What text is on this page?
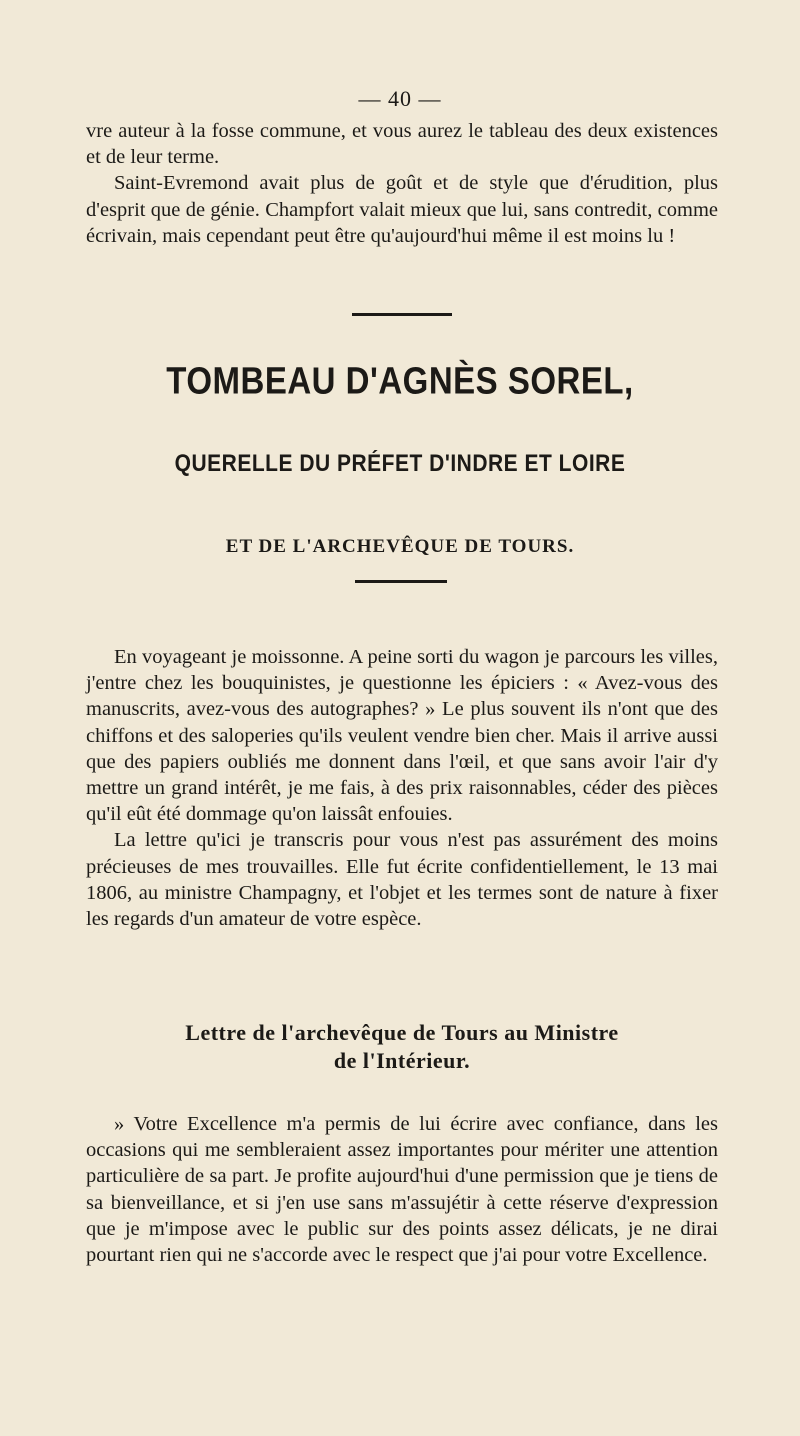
— 40 —

vre auteur à la fosse commune, et vous aurez le tableau des deux existences et de leur terme.

Saint-Evremond avait plus de goût et de style que d'érudition, plus d'esprit que de génie. Champfort valait mieux que lui, sans contredit, comme écrivain, mais cependant peut être qu'aujourd'hui même il est moins lu !

TOMBEAU D'AGNÈS SOREL,
QUERELLE DU PRÉFET D'INDRE ET LOIRE
ET DE L'ARCHEVÊQUE DE TOURS.

En voyageant je moissonne. A peine sorti du wagon je parcours les villes, j'entre chez les bouquinistes, je questionne les épiciers : « Avez-vous des manuscrits, avez-vous des autographes? » Le plus souvent ils n'ont que des chiffons et des saloperies qu'ils veulent vendre bien cher. Mais il arrive aussi que des papiers oubliés me donnent dans l'œil, et que sans avoir l'air d'y mettre un grand intérêt, je me fais, à des prix raisonnables, céder des pièces qu'il eût été dommage qu'on laissât enfouies.

La lettre qu'ici je transcris pour vous n'est pas assurément des moins précieuses de mes trouvailles. Elle fut écrite confidentiellement, le 13 mai 1806, au ministre Champagny, et l'objet et les termes sont de nature à fixer les regards d'un amateur de votre espèce.

Lettre de l'archevêque de Tours au Ministre
de l'Intérieur.

» Votre Excellence m'a permis de lui écrire avec confiance, dans les occasions qui me sembleraient assez importantes pour mériter une attention particulière de sa part. Je profite aujourd'hui d'une permission que je tiens de sa bienveillance, et si j'en use sans m'assujétir à cette réserve d'expression que je m'impose avec le public sur des points assez délicats, je ne dirai pourtant rien qui ne s'accorde avec le respect que j'ai pour votre Excellence.
